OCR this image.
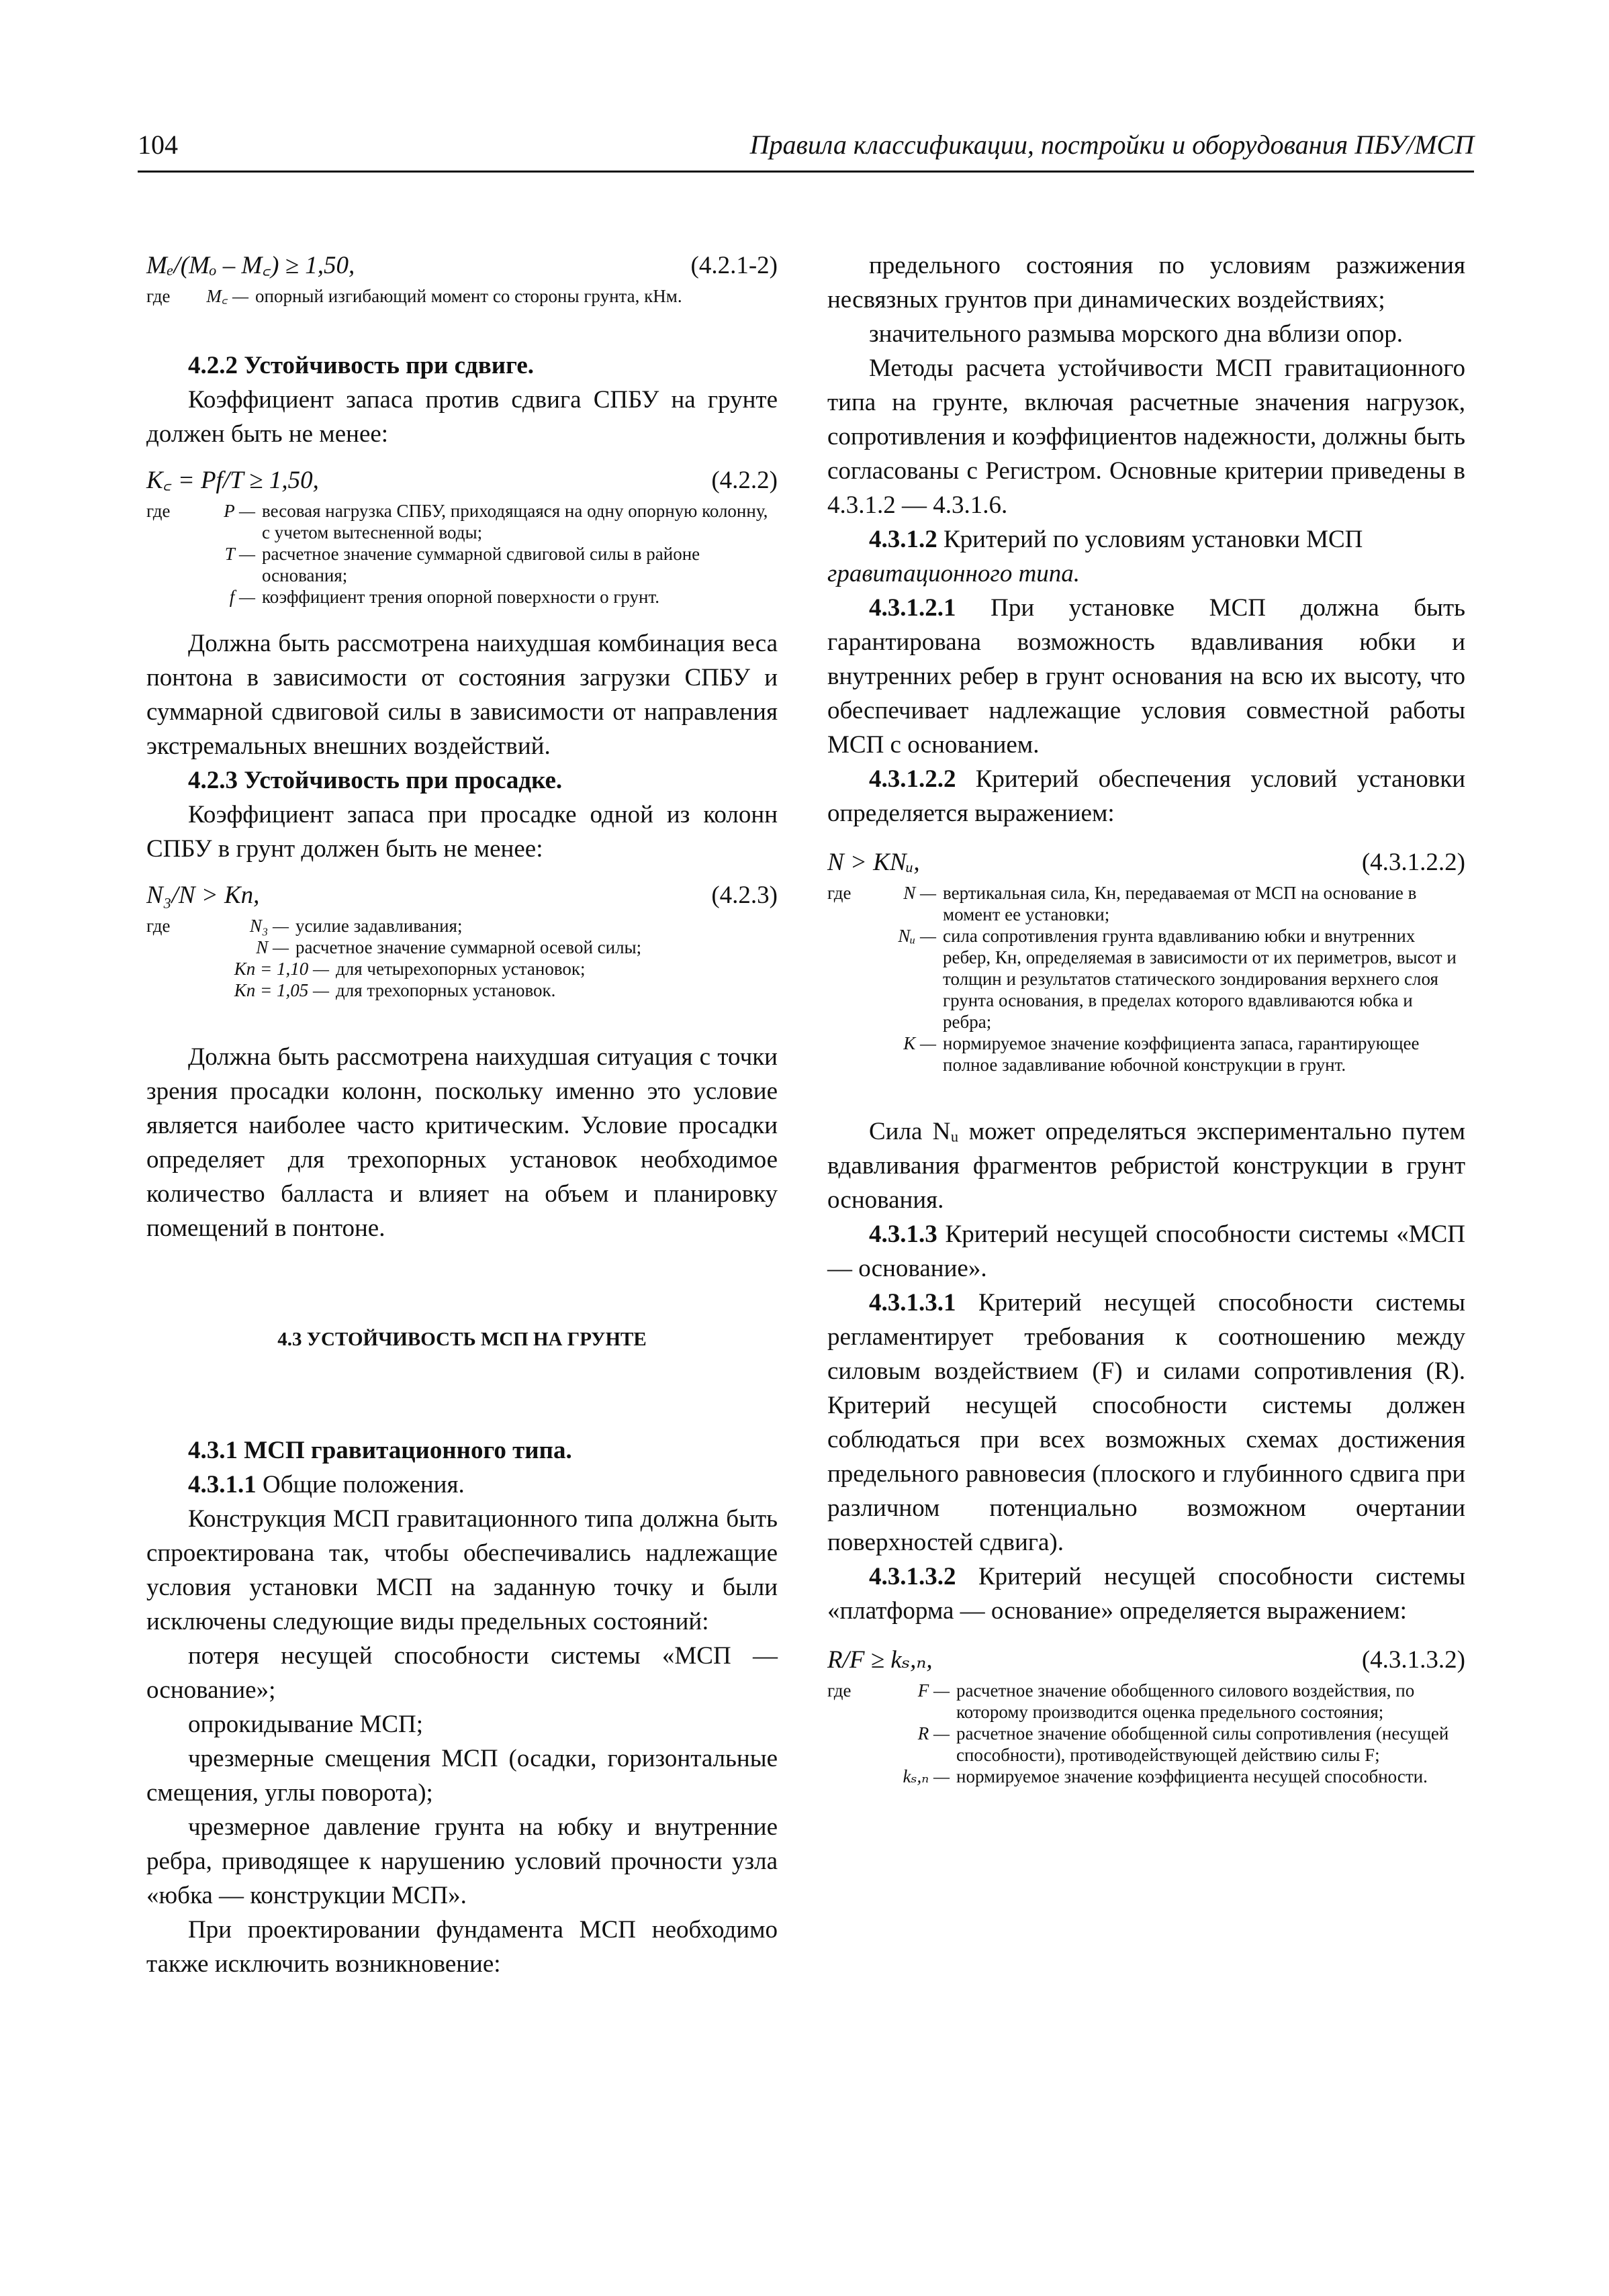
104	Правила классификации, постройки и оборудования ПБУ/МСП
Mₑ/(Mₒ – M꜀) ≥ 1,50,	(4.2.1-2)
где	M꜀ — опорный изгибающий момент со стороны грунта, кНм.
4.2.2 Устойчивость при сдвиге.

Коэффициент запаса против сдвига СПБУ на грунте должен быть не менее:

K꜀ = Pf/T ≥ 1,50,	(4.2.2)
где	P — весовая нагрузка СПБУ, приходящаяся на одну опорную колонну, с учетом вытесненной воды;
T — расчетное значение суммарной сдвиговой силы в районе основания;
f — коэффициент трения опорной поверхности о грунт.

Должна быть рассмотрена наихудшая комбинация веса понтона в зависимости от состояния загрузки СПБУ и суммарной сдвиговой силы в зависимости от направления экстремальных внешних воздействий.

4.2.3 Устойчивость при просадке.

Коэффициент запаса при просадке одной из колонн СПБУ в грунт должен быть не менее:

N₃/N > Kп,	(4.2.3)
где	N₃ — усилие задавливания;
N — расчетное значение суммарной осевой силы;
Kп = 1,10 — для четырехопорных установок;
Kп = 1,05 — для трехопорных установок.

Должна быть рассмотрена наихудшая ситуация с точки зрения просадки колонн, поскольку именно это условие является наиболее часто критическим. Условие просадки определяет для трехопорных установок необходимое количество балласта и влияет на объем и планировку помещений в понтоне.

4.3 УСТОЙЧИВОСТЬ МСП НА ГРУНТЕ
4.3.1 МСП гравитационного типа.
4.3.1.1 Общие положения.

Конструкция МСП гравитационного типа должна быть спроектирована так, чтобы обеспечивались надлежащие условия установки МСП на заданную точку и были исключены следующие виды предельных состояний:

потеря несущей способности системы «МСП — основание»;

опрокидывание МСП;

чрезмерные смещения МСП (осадки, горизонтальные смещения, углы поворота);

чрезмерное давление грунта на юбку и внутренние ребра, приводящее к нарушению условий прочности узла «юбка — конструкции МСП».

При проектировании фундамента МСП необходимо также исключить возникновение:

предельного состояния по условиям разжижения несвязных грунтов при динамических воздействиях;

значительного размыва морского дна вблизи опор.

Методы расчета устойчивости МСП гравитационного типа на грунте, включая расчетные значения нагрузок, сопротивления и коэффициентов надежности, должны быть согласованы с Регистром. Основные критерии приведены в 4.3.1.2 — 4.3.1.6.

4.3.1.2 Критерий по условиям установки МСП гравитационного типа.

4.3.1.2.1 При установке МСП должна быть гарантирована возможность вдавливания юбки и внутренних ребер в грунт основания на всю их высоту, что обеспечивает надлежащие условия совместной работы МСП с основанием.

4.3.1.2.2 Критерий обеспечения условий установки определяется выражением:

N > KNᵤ,	(4.3.1.2.2)
где	N — вертикальная сила, Кн, передаваемая от МСП на основание в момент ее установки;
Nᵤ — сила сопротивления грунта вдавливанию юбки и внутренних ребер, Кн, определяемая в зависимости от их периметров, высот и толщин и результатов статического зондирования верхнего слоя грунта основания, в пределах которого вдавливаются юбка и ребра;
K — нормируемое значение коэффициента запаса, гарантирующее полное задавливание юбочной конструкции в грунт.

Сила Nᵤ может определяться экспериментально путем вдавливания фрагментов ребристой конструкции в грунт основания.

4.3.1.3 Критерий несущей способности системы «МСП — основание».

4.3.1.3.1 Критерий несущей способности системы регламентирует требования к соотношению между силовым воздействием (F) и силами сопротивления (R). Критерий несущей способности системы должен соблюдаться при всех возможных схемах достижения предельного равновесия (плоского и глубинного сдвига при различном потенциально возможном очертании поверхностей сдвига).

4.3.1.3.2 Критерий несущей способности системы «платформа — основание» определяется выражением:

R/F ≥ kₛ,ₙ,	(4.3.1.3.2)
где	F — расчетное значение обобщенного силового воздействия, по которому производится оценка предельного состояния;
R — расчетное значение обобщенной силы сопротивления (несущей способности), противодействующей действию силы F;
kₛ,ₙ — нормируемое значение коэффициента несущей способности.
